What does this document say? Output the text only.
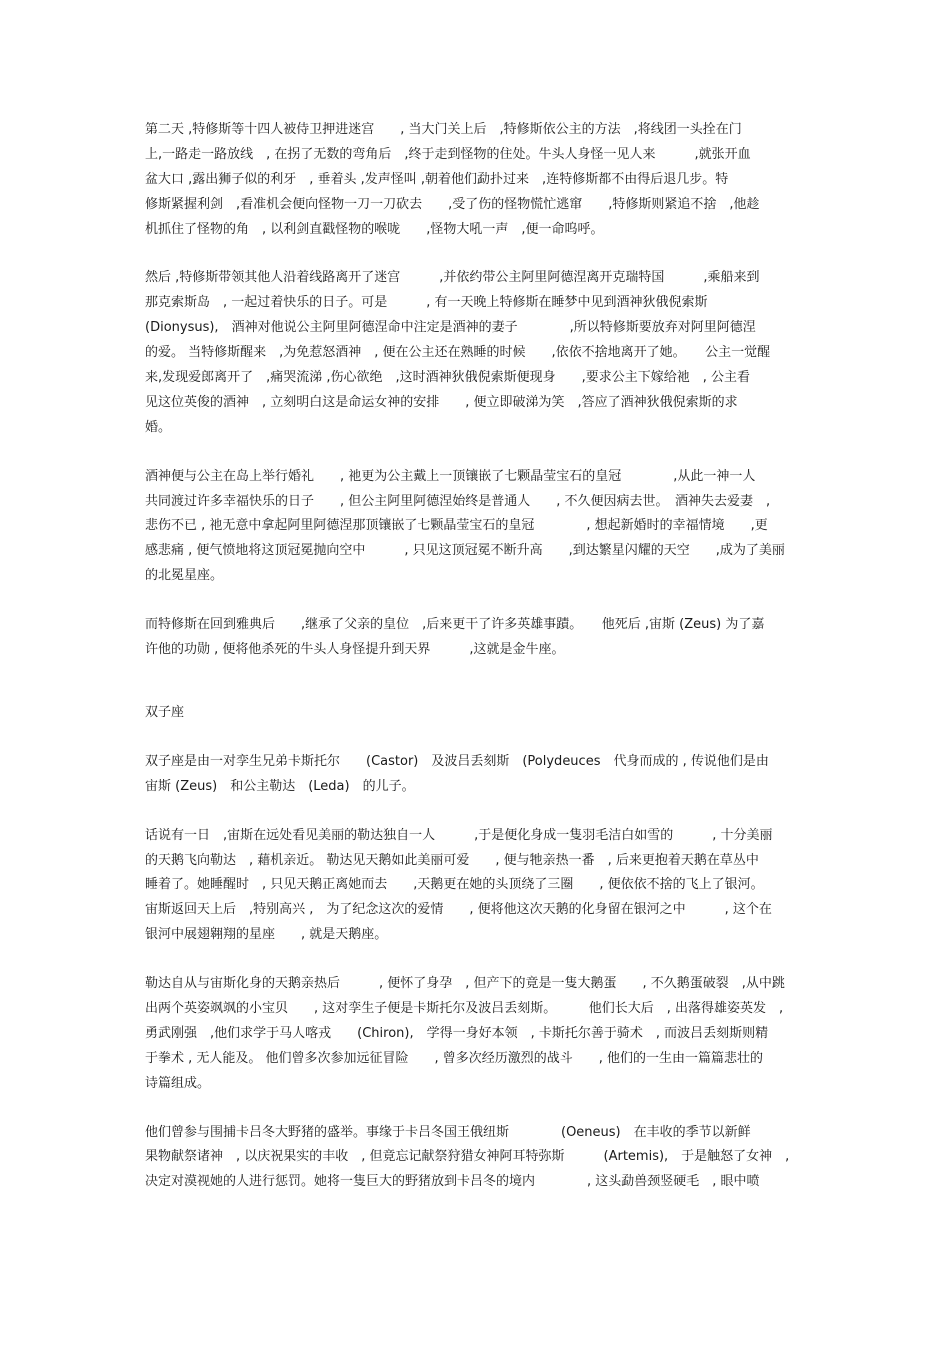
第二天 ,特修斯等十四人被侍卫押进迷宫　　, 当大门关上后　,特修斯依公主的方法　,将线团一头拴在门
上,一路走一路放线　, 在拐了无数的弯角后　,终于走到怪物的住处。牛头人身怪一见人来　　　,就张开血
盆大口 ,露出狮子似的利牙　, 垂着头 ,发声怪叫 ,朝着他们勐扑过来　,连特修斯都不由得后退几步。特
修斯紧握利剑　,看准机会便向怪物一刀一刀砍去　　,受了伤的怪物慌忙逃窜　　,特修斯则紧追不捨　,他趁
机抓住了怪物的角　, 以利剑直戳怪物的喉咙　　,怪物大吼一声　,便一命呜呼。
然后 ,特修斯带领其他人沿着线路离开了迷宫　　　,并依约带公主阿里阿德涅离开克瑞特国　　　,乘船来到
那克索斯岛　, 一起过着快乐的日子。可是　　　, 有一天晚上特修斯在睡梦中见到酒神狄俄倪索斯
(Dionysus),　酒神对他说公主阿里阿德涅命中注定是酒神的妻子　　　　,所以特修斯要放弃对阿里阿德涅
的爱。 当特修斯醒来　,为免惹怒酒神　, 便在公主还在熟睡的时候　　,依依不捨地离开了她。　　公主一觉醒
来,发现爱郎离开了　,痛哭流涕 ,伤心欲绝　,这时酒神狄俄倪索斯便现身　　,要求公主下嫁给祂　, 公主看
见这位英俊的酒神　, 立刻明白这是命运女神的安排　　, 便立即破涕为笑　,答应了酒神狄俄倪索斯的求
婚。
酒神便与公主在岛上举行婚礼　　, 祂更为公主戴上一顶镶嵌了七颗晶莹宝石的皇冠　　　　,从此一神一人
共同渡过许多幸福快乐的日子　　, 但公主阿里阿德涅始终是普通人　　, 不久便因病去世。　酒神失去爱妻　,
悲伤不已 , 祂无意中拿起阿里阿德涅那顶镶嵌了七颗晶莹宝石的皇冠　　　　, 想起新婚时的幸福情境　　,更
感悲痛 , 便气愤地将这顶冠冕抛向空中　　　, 只见这顶冠冕不断升高　　,到达繁星闪耀的天空　　,成为了美丽
的北冕星座。
而特修斯在回到雅典后　　,继承了父亲的皇位　,后来更干了许多英雄事蹟。　　他死后 ,宙斯 (Zeus) 为了嘉
许他的功勋 , 便将他杀死的牛头人身怪提升到天界　　　,这就是金牛座。
双子座
双子座是由一对孪生兄弟卡斯托尔　　(Castor)　及波吕丢刻斯　(Polydeuces　代身而成的 , 传说他们是由
宙斯 (Zeus)　和公主勒达　(Leda)　的儿子。
话说有一日　,宙斯在远处看见美丽的勒达独自一人　　　,于是便化身成一隻羽毛洁白如雪的　　　, 十分美丽
的天鹅飞向勒达　, 藉机亲近。 勒达见天鹅如此美丽可爱　　, 便与牠亲热一番　, 后来更抱着天鹅在草丛中
睡着了。她睡醒时　, 只见天鹅正离她而去　　,天鹅更在她的头顶绕了三圈　　, 便依依不捨的飞上了银河。
宙斯返回天上后　,特别高兴 ,　为了纪念这次的爱情　　, 便将他这次天鹅的化身留在银河之中　　　, 这个在
银河中展翅翱翔的星座　　, 就是天鹅座。
勒达自从与宙斯化身的天鹅亲热后　　　, 便怀了身孕　, 但产下的竟是一隻大鹅蛋　　, 不久鹅蛋破裂　,从中跳
出两个英姿飒飒的小宝贝　　, 这对孪生子便是卡斯托尔及波吕丢刻斯。　　　他们长大后　, 出落得雄姿英发　,
勇武刚强　,他们求学于马人喀戎　　(Chiron),　学得一身好本领　, 卡斯托尔善于骑术　, 而波吕丢刻斯则精
于拳术 , 无人能及。 他们曾多次参加远征冒险　　, 曾多次经历激烈的战斗　　, 他们的一生由一篇篇悲壮的
诗篇组成。
他们曾参与围捕卡吕冬大野猪的盛举。事缘于卡吕冬国王俄纽斯　　　　(Oeneus)　在丰收的季节以新鲜
果物献祭诸神　, 以庆祝果实的丰收　, 但竟忘记献祭狩猎女神阿耳特弥斯　　　(Artemis),　于是触怒了女神　,
决定对漠视她的人进行惩罚。她将一隻巨大的野猪放到卡吕冬的境内　　　　, 这头勐兽颈竖硬毛　, 眼中喷
